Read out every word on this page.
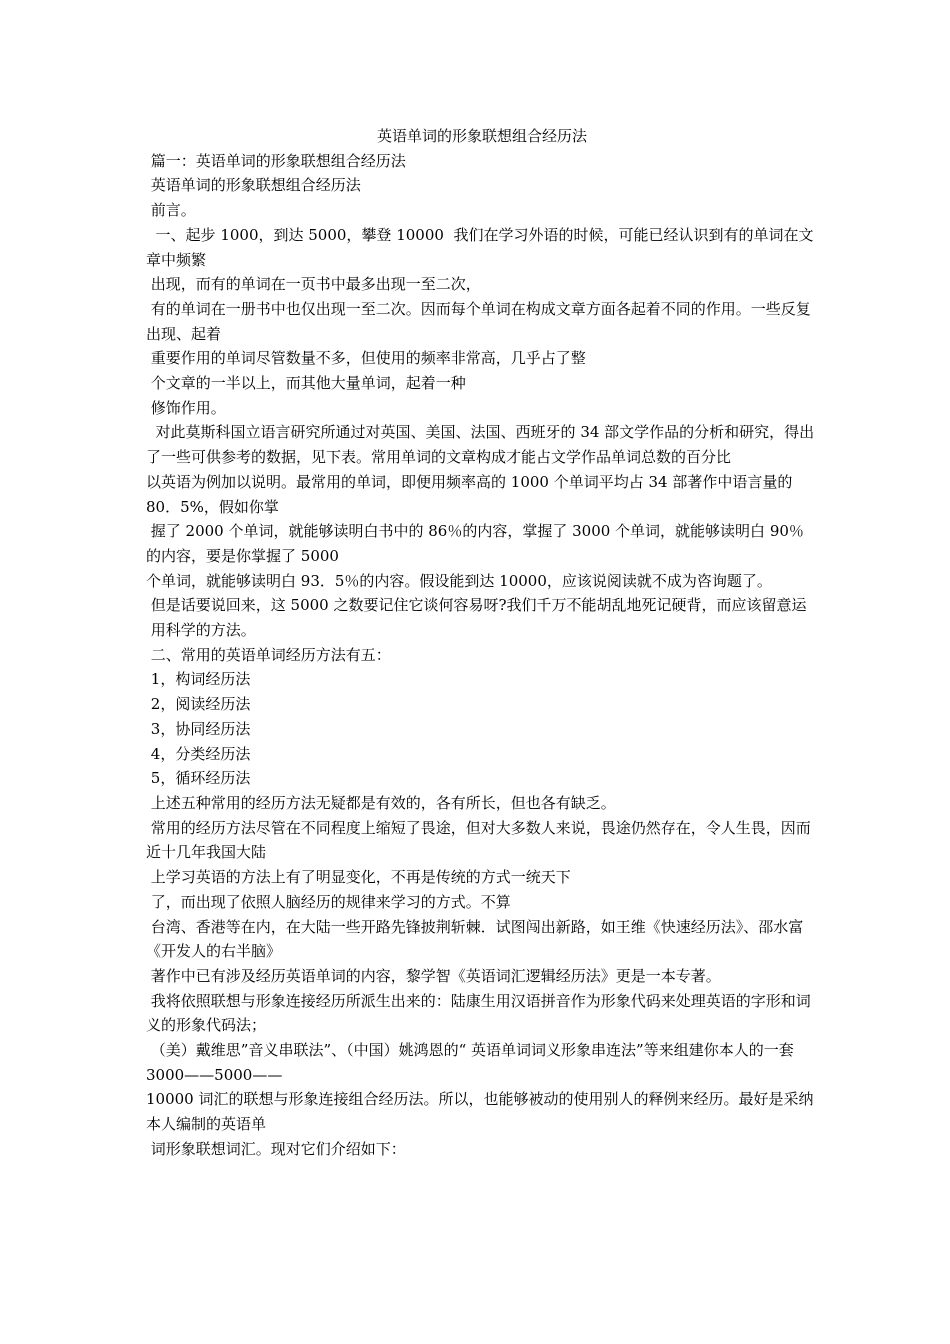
英语单词的形象联想组合经历法

篇一：英语单词的形象联想组合经历法

英语单词的形象联想组合经历法

前言。

一、起步 1000，到达 5000，攀登 10000  我们在学习外语的时候，可能已经认识到有的单词在文章中频繁

出现，而有的单词在一页书中最多出现一至二次，

有的单词在一册书中也仅出现一至二次。因而每个单词在构成文章方面各起着不同的作用。一些反复出现、起着

重要作用的单词尽管数量不多，但使用的频率非常高，几乎占了整

个文章的一半以上，而其他大量单词，起着一种

修饰作用。

对此莫斯科国立语言研究所通过对英国、美国、法国、西班牙的 34 部文学作品的分析和研究，得出了一些可供参考的数据，见下表。常用单词的文章构成才能占文学作品单词总数的百分比

以英语为例加以说明。最常用的单词，即便用频率高的 1000 个单词平均占 34 部著作中语言量的 80．5%，假如你掌

握了 2000 个单词，就能够读明白书中的 86％的内容，掌握了 3000 个单词，就能够读明白 90％的内容，要是你掌握了 5000

个单词，就能够读明白 93．5％的内容。假设能到达 10000，应该说阅读就不成为咨询题了。

但是话要说回来，这 5000 之数要记住它谈何容易呀?我们千万不能胡乱地死记硬背，而应该留意运

用科学的方法。

二、常用的英语单词经历方法有五：

1，构词经历法

2，阅读经历法

3，协同经历法

4，分类经历法

5，循环经历法

上述五种常用的经历方法无疑都是有效的，各有所长，但也各有缺乏。

常用的经历方法尽管在不同程度上缩短了畏途，但对大多数人来说，畏途仍然存在，令人生畏，因而近十几年我国大陆

上学习英语的方法上有了明显变化，不再是传统的方式一统天下

了，而出现了依照人脑经历的规律来学习的方式。不算

台湾、香港等在内，在大陆一些开路先锋披荆斩棘．试图闯出新路，如王维《快速经历法》、邵水富《开发人的右半脑》

著作中已有涉及经历英语单词的内容，黎学智《英语词汇逻辑经历法》更是一本专著。

我将依照联想与形象连接经历所派生出来的：陆康生用汉语拼音作为形象代码来处理英语的字形和词义的形象代码法；

（美）戴维思”音义串联法”、（中国）姚鸿恩的“ 英语单词词义形象串连法”等来组建你本人的一套 3000——5000——

10000 词汇的联想与形象连接组合经历法。所以，也能够被动的使用别人的释例来经历。最好是采纳本人编制的英语单

词形象联想词汇。现对它们介绍如下：
